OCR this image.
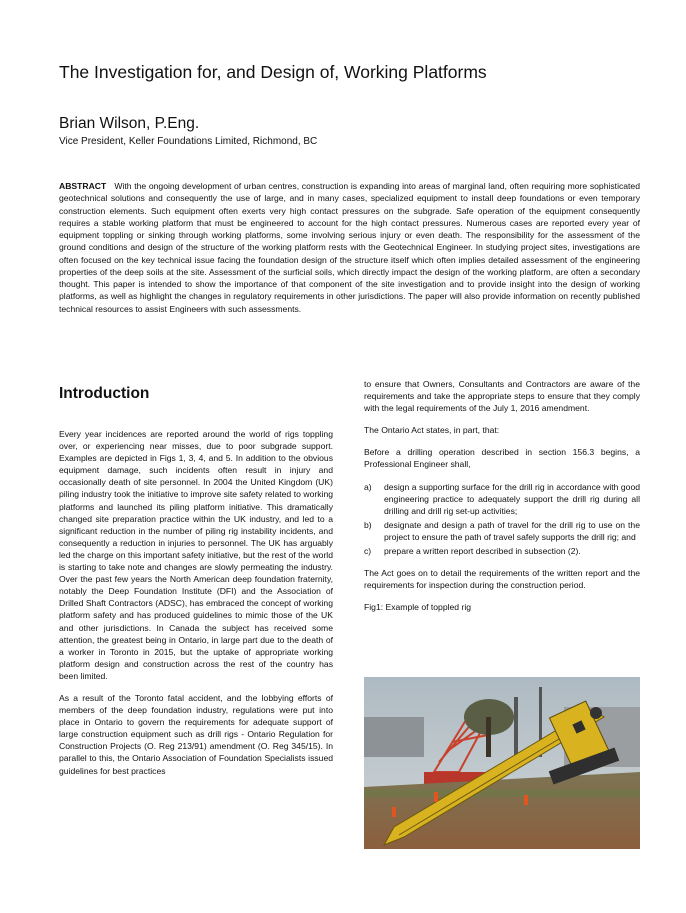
The Investigation for, and Design of, Working Platforms

Brian Wilson, P.Eng.

Vice President, Keller Foundations Limited, Richmond, BC

ABSTRACT With the ongoing development of urban centres, construction is expanding into areas of marginal land, often requiring more sophisticated geotechnical solutions and consequently the use of large, and in many cases, specialized equipment to install deep foundations or even temporary construction elements. Such equipment often exerts very high contact pressures on the subgrade. Safe operation of the equipment consequently requires a stable working platform that must be engineered to account for the high contact pressures. Numerous cases are reported every year of equipment toppling or sinking through working platforms, some involving serious injury or even death. The responsibility for the assessment of the ground conditions and design of the structure of the working platform rests with the Geotechnical Engineer. In studying project sites, investigations are often focused on the key technical issue facing the foundation design of the structure itself which often implies detailed assessment of the engineering properties of the deep soils at the site. Assessment of the surficial soils, which directly impact the design of the working platform, are often a secondary thought. This paper is intended to show the importance of that component of the site investigation and to provide insight into the design of working platforms, as well as highlight the changes in regulatory requirements in other jurisdictions. The paper will also provide information on recently published technical resources to assist Engineers with such assessments.

Introduction

Every year incidences are reported around the world of rigs toppling over, or experiencing near misses, due to poor subgrade support. Examples are depicted in Figs 1, 3, 4, and 5. In addition to the obvious equipment damage, such incidents often result in injury and occasionally death of site personnel. In 2004 the United Kingdom (UK) piling industry took the initiative to improve site safety related to working platforms and launched its piling platform initiative. This dramatically changed site preparation practice within the UK industry, and led to a significant reduction in the number of piling rig instability incidents, and consequently a reduction in injuries to personnel. The UK has arguably led the charge on this important safety initiative, but the rest of the world is starting to take note and changes are slowly permeating the industry. Over the past few years the North American deep foundation fraternity, notably the Deep Foundation Institute (DFI) and the Association of Drilled Shaft Contractors (ADSC), has embraced the concept of working platform safety and has produced guidelines to mimic those of the UK and other jurisdictions. In Canada the subject has received some attention, the greatest being in Ontario, in large part due to the death of a worker in Toronto in 2015, but the uptake of appropriate working platform design and construction across the rest of the country has been limited.

As a result of the Toronto fatal accident, and the lobbying efforts of members of the deep foundation industry, regulations were put into place in Ontario to govern the requirements for adequate support of large construction equipment such as drill rigs - Ontario Regulation for Construction Projects (O. Reg 213/91) amendment (O. Reg 345/15). In parallel to this, the Ontario Association of Foundation Specialists issued guidelines for best practices

to ensure that Owners, Consultants and Contractors are aware of the requirements and take the appropriate steps to ensure that they comply with the legal requirements of the July 1, 2016 amendment.

The Ontario Act states, in part, that:

Before a drilling operation described in section 156.3 begins, a Professional Engineer shall,

a)	design a supporting surface for the drill rig in accordance with good engineering practice to adequately support the drill rig during all drilling and drill rig set-up activities;
b)	designate and design a path of travel for the drill rig to use on the project to ensure the path of travel safely supports the drill rig; and
c)	prepare a written report described in subsection (2).

The Act goes on to detail the requirements of the written report and the requirements for inspection during the construction period.

Fig1: Example of toppled rig
